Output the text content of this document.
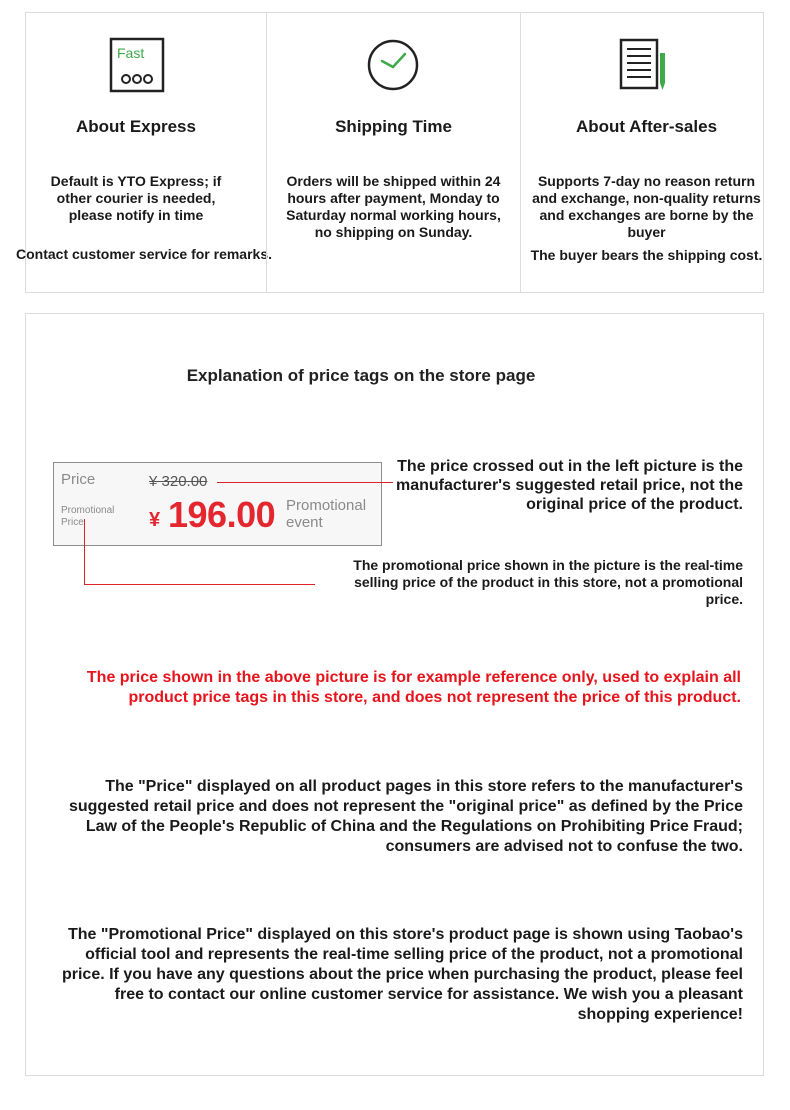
Fast
About Express
Default is YTO Express; if other courier is needed, please notify in time
Contact customer service for remarks.
Shipping Time
Orders will be shipped within 24 hours after payment, Monday to Saturday normal working hours, no shipping on Sunday.
About After-sales
Supports 7-day no reason return and exchange, non-quality returns and exchanges are borne by the buyer
The buyer bears the shipping cost.
Explanation of price tags on the store page
Price
Promotional Price
¥ 320.00
¥ 196.00 Promotional event
The price crossed out in the left picture is the manufacturer's suggested retail price, not the original price of the product.
The promotional price shown in the picture is the real-time selling price of the product in this store, not a promotional price.
The price shown in the above picture is for example reference only, used to explain all product price tags in this store, and does not represent the price of this product.
The "Price" displayed on all product pages in this store refers to the manufacturer's suggested retail price and does not represent the "original price" as defined by the Price Law of the People's Republic of China and the Regulations on Prohibiting Price Fraud; consumers are advised not to confuse the two.
The "Promotional Price" displayed on this store's product page is shown using Taobao's official tool and represents the real-time selling price of the product, not a promotional price. If you have any questions about the price when purchasing the product, please feel free to contact our online customer service for assistance. We wish you a pleasant shopping experience!
